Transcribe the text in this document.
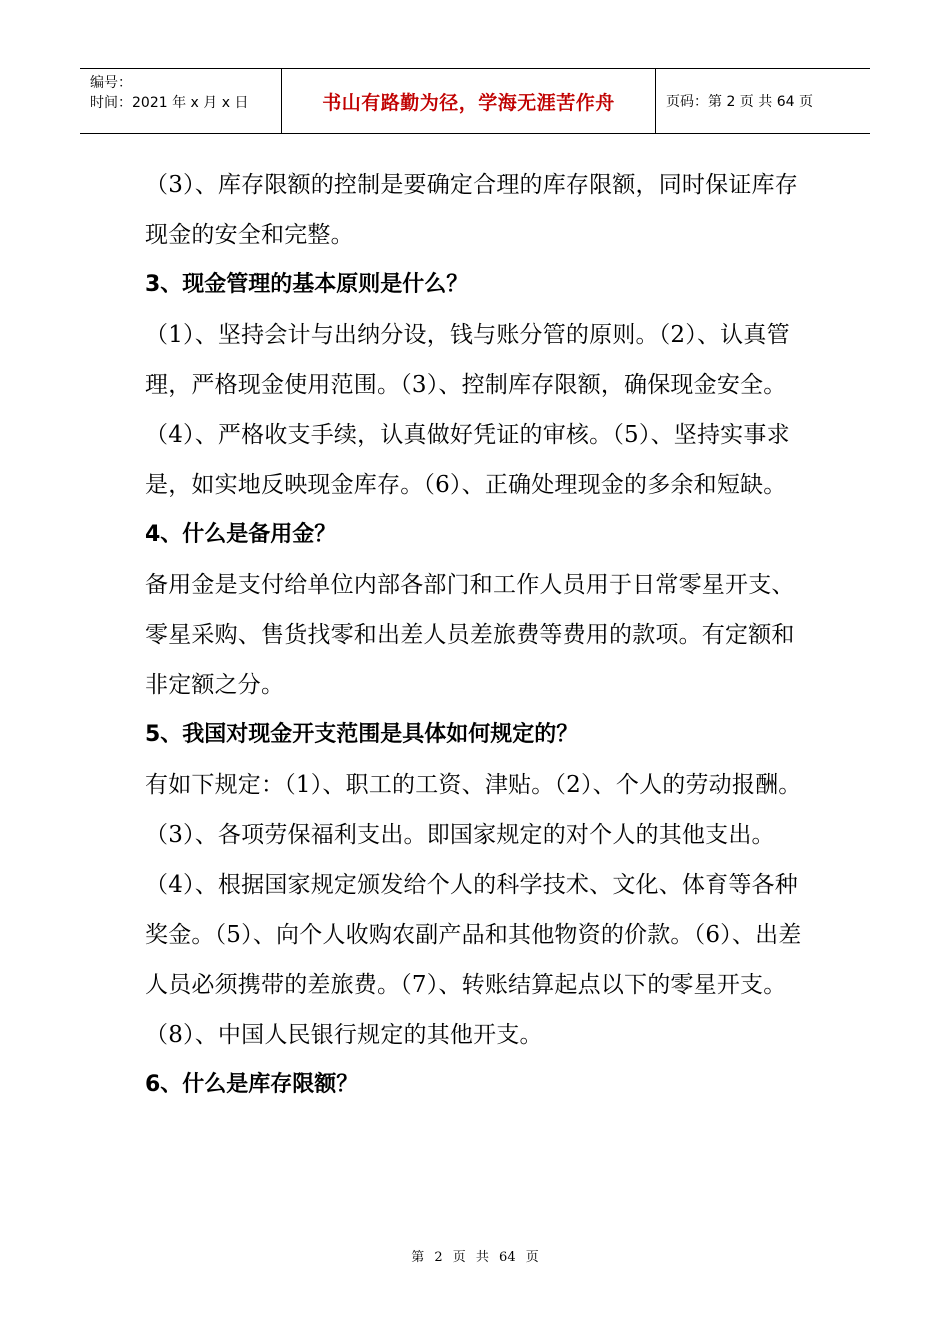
编号：
时间：2021 年 x 月 x 日	书山有路勤为径，学海无涯苦作舟	页码：第 2 页 共 64 页

（3）、库存限额的控制是要确定合理的库存限额，同时保证库存现金的安全和完整。

3、现金管理的基本原则是什么？

（1）、坚持会计与出纳分设，钱与账分管的原则。（2）、认真管理，严格现金使用范围。（3）、控制库存限额，确保现金安全。（4）、严格收支手续，认真做好凭证的审核。（5）、坚持实事求是，如实地反映现金库存。（6）、正确处理现金的多余和短缺。

4、什么是备用金？

备用金是支付给单位内部各部门和工作人员用于日常零星开支、零星采购、售货找零和出差人员差旅费等费用的款项。有定额和非定额之分。

5、我国对现金开支范围是具体如何规定的？

有如下规定：（1）、职工的工资、津贴。（2）、个人的劳动报酬。（3）、各项劳保福利支出。即国家规定的对个人的其他支出。（4）、根据国家规定颁发给个人的科学技术、文化、体育等各种奖金。（5）、向个人收购农副产品和其他物资的价款。（6）、出差人员必须携带的差旅费。（7）、转账结算起点以下的零星开支。（8）、中国人民银行规定的其他开支。

6、什么是库存限额？

第 2 页 共 64 页
